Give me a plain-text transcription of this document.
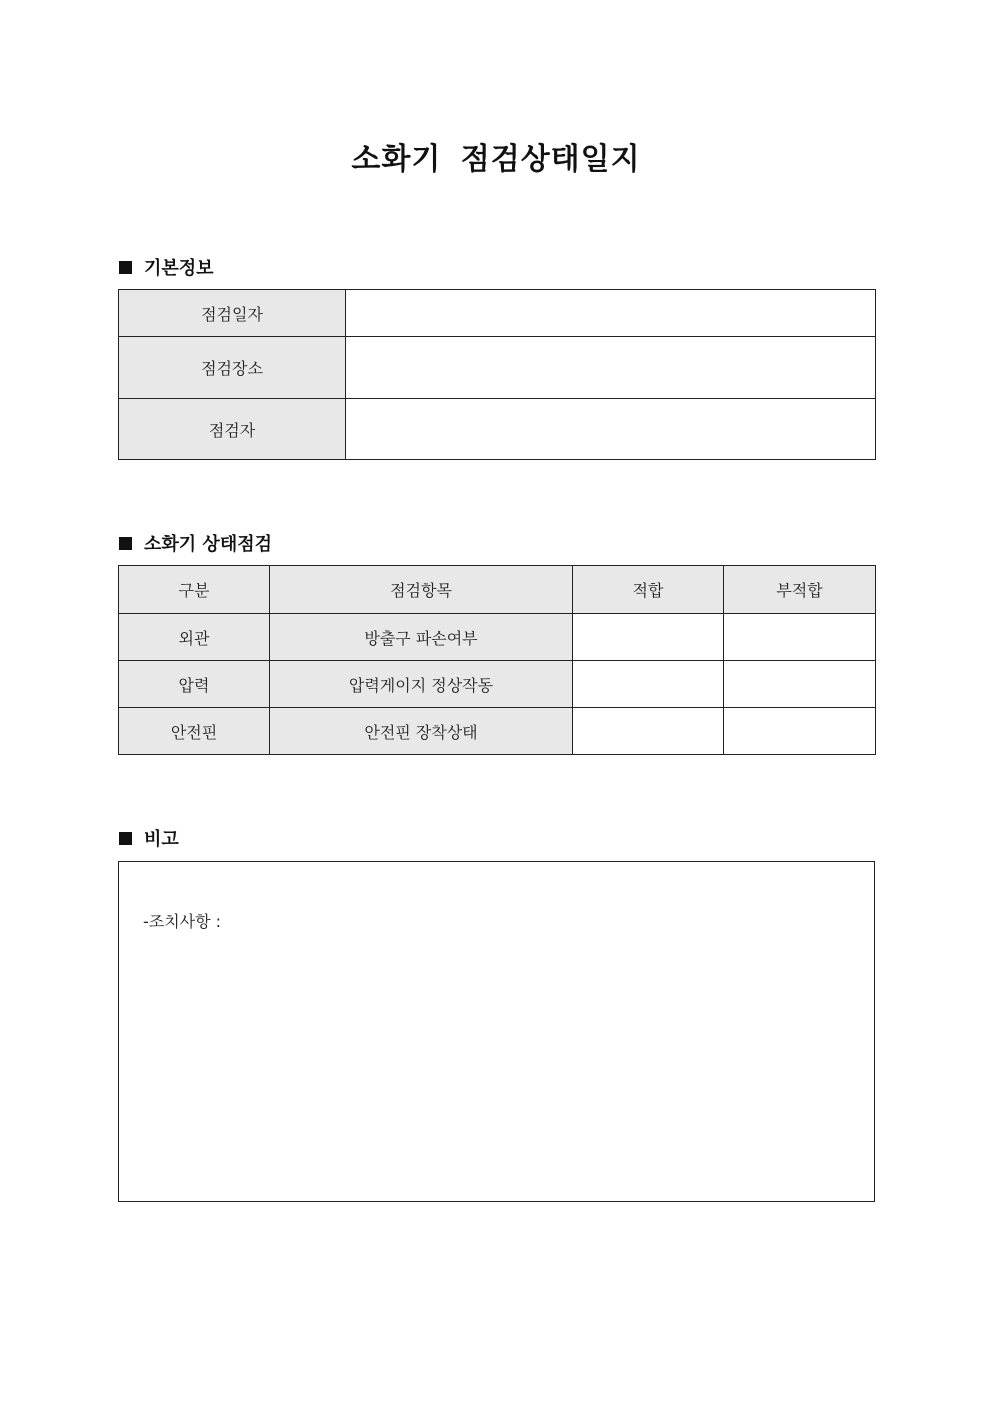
소화기 점검상태일지
기본정보
점검일자	
점검장소	
점검자	
소화기 상태점검
구분	점검항목	적합	부적합
외관	방출구 파손여부		
압력	압력게이지 정상작동		
안전핀	안전핀 장착상태		
비고
-조치사항 :
